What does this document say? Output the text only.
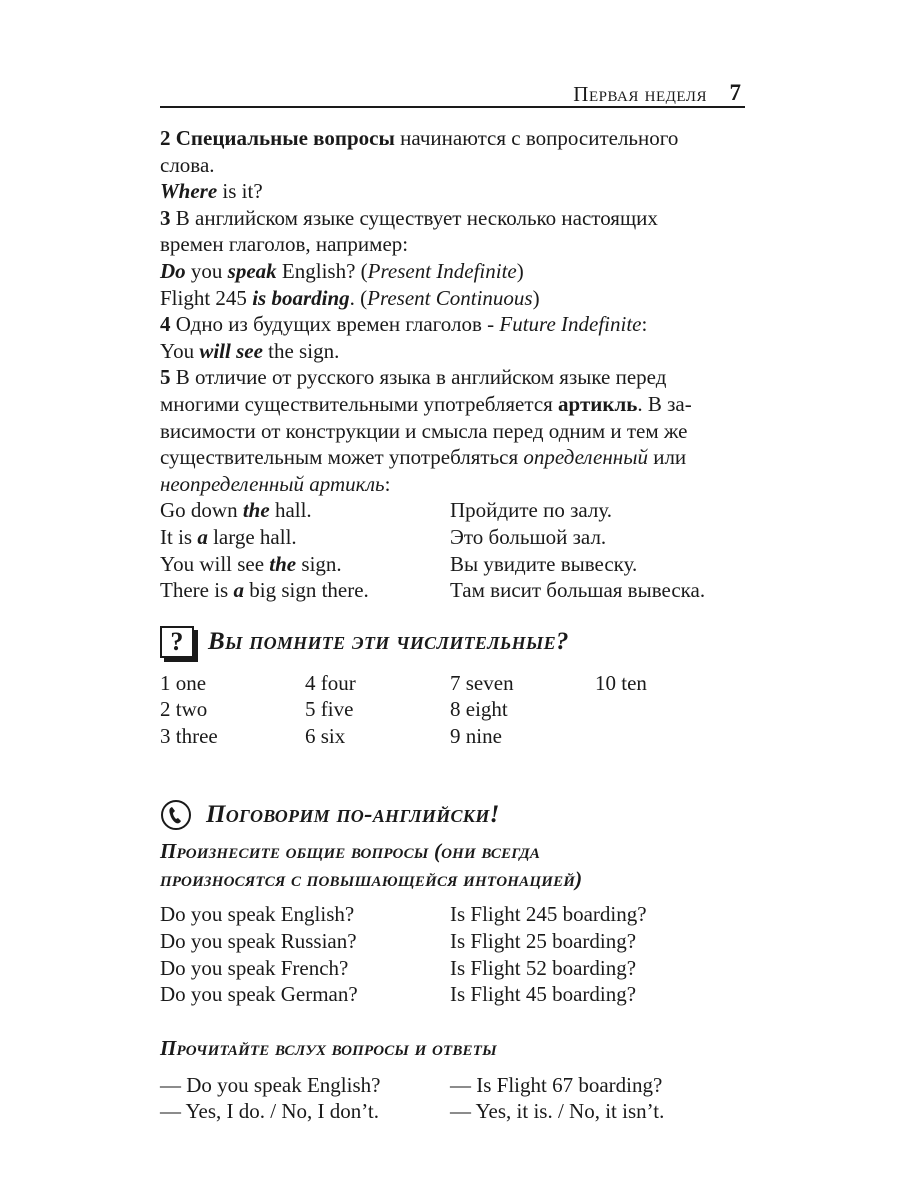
Первая неделя 7

2 Специальные вопросы начинаются с вопросительного

слова.

Where is it?

3 В английском языке существует несколько настоящих

времен глаголов, например:

Do you speak English? (Present Indefinite)

Flight 245 is boarding. (Present Continuous)

4 Одно из будущих времен глаголов - Future Indefinite:

You will see the sign.

5 В отличие от русского языка в английском языке перед

многими существительными употребляется артикль. В за-

висимости от конструкции и смысла перед одним и тем же

существительным может употребляться определенный или

неопределенный артикль:

Go down the hall.	Пройдите по залу.
It is a large hall.	Это большой зал.
You will see the sign.	Вы увидите вывеску.
There is a big sign there.	Там висит большая вывеска.
? Вы помните эти числительные?
1 one	4 four	7 seven	10 ten
2 two	5 five	8 eight
3 three	6 six	9 nine
Поговорим по-английски!
Произнесите общие вопросы (они всегда
произносятся с повышающейся интонацией)
Do you speak English?	Is Flight 245 boarding?
Do you speak Russian?	Is Flight 25 boarding?
Do you speak French?	Is Flight 52 boarding?
Do you speak German?	Is Flight 45 boarding?
Прочитайте вслух вопросы и ответы
— Do you speak English?	— Is Flight 67 boarding?
— Yes, I do. / No, I don’t.	— Yes, it is. / No, it isn’t.
